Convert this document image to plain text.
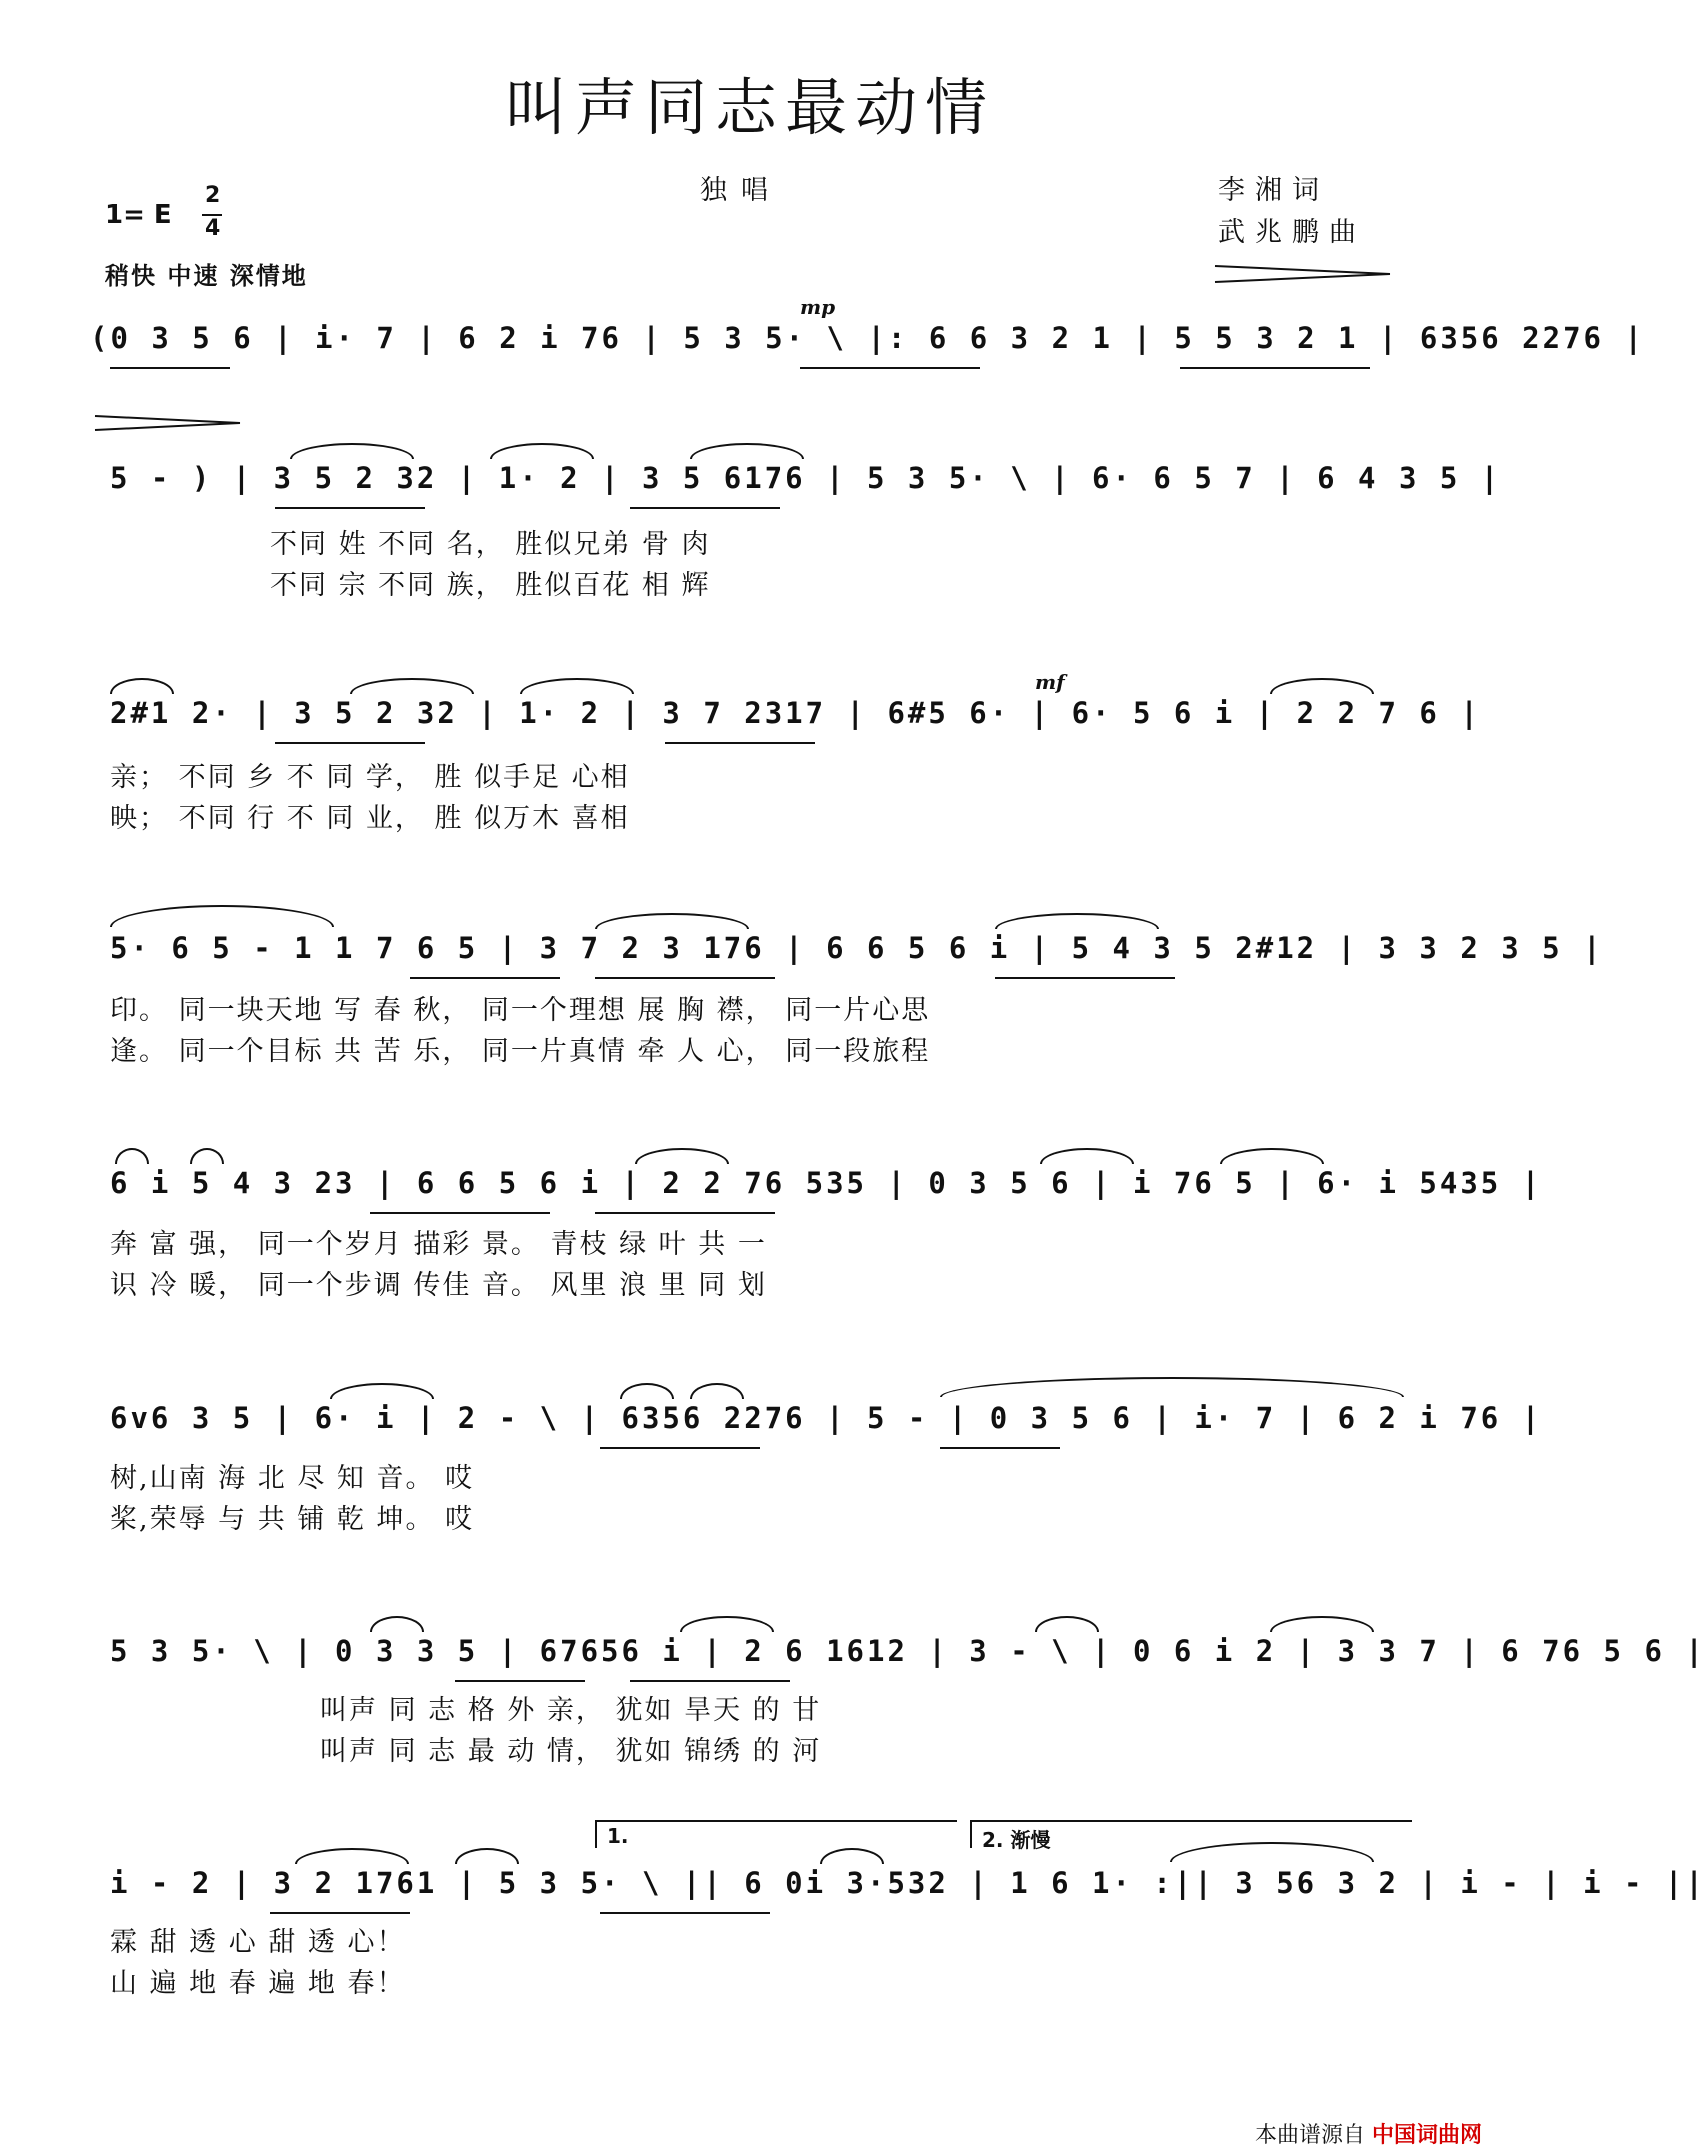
叫声同志最动情
独唱	李湘词
武兆鹏曲
1= E
2
4
稍快 中速 深情地
mp
(0 3 5 6 | i· 7 | 6 2 i 76 | 5 3 5· \ |: 6 6 3 2 1 | 5 5 3 2 1 | 6356 2276 |
5 - ) | 3 5 2 32 | 1· 2 | 3 5 6176 | 5 3 5· \ | 6· 6 5 7 | 6 4 3 5 |
不同 姓 不同 名， 胜似兄弟 骨 肉
不同 宗 不同 族， 胜似百花 相 辉
mf
2#1 2· | 3 5 2 32 | 1· 2 | 3 7 2317 | 6#5 6· | 6· 5 6 i | 2 2 7 6 |
亲； 不同 乡 不 同 学， 胜 似手足 心相
映； 不同 行 不 同 业， 胜 似万木 喜相
5· 6 5 - 1 1 7 6 5 | 3 7 2 3 176 | 6 6 5 6 i | 5 4 3 5 2#12 | 3 3 2 3 5 |
印。 同一块天地 写 春 秋， 同一个理想 展 胸 襟， 同一片心思
逢。 同一个目标 共 苦 乐， 同一片真情 牵 人 心， 同一段旅程
6 i 5 4 3 23 | 6 6 5 6 i | 2 2 76 535 | 0 3 5 6 | i 76 5 | 6· i 5435 |
奔 富 强， 同一个岁月 描彩 景。 青枝 绿 叶 共 一
识 冷 暖， 同一个步调 传佳 音。 风里 浪 里 同 划
6v6 3 5 | 6· i | 2 - \ | 6356 2276 | 5 - | 0 3 5 6 | i· 7 | 6 2 i 76 |
树,山南 海 北 尽 知 音。 哎
桨,荣辱 与 共 铺 乾 坤。 哎
5 3 5· \ | 0 3 3 5 | 67656 i | 2 6 1612 | 3 - \ | 0 6 i 2 | 3 3 7 | 6 76 5 6 |
叫声 同 志 格 外 亲， 犹如 旱天 的 甘
叫声 同 志 最 动 情， 犹如 锦绣 的 河
1.	2. 渐慢
i - 2 | 3 2 1761 | 5 3 5· \ || 6 0i 3·532 | 1 6 1· :|| 3 56 3 2 | i - | i - ||
霖 甜 透 心 甜 透 心！
山 遍 地 春 遍 地 春！
本曲谱源自 中国词曲网
